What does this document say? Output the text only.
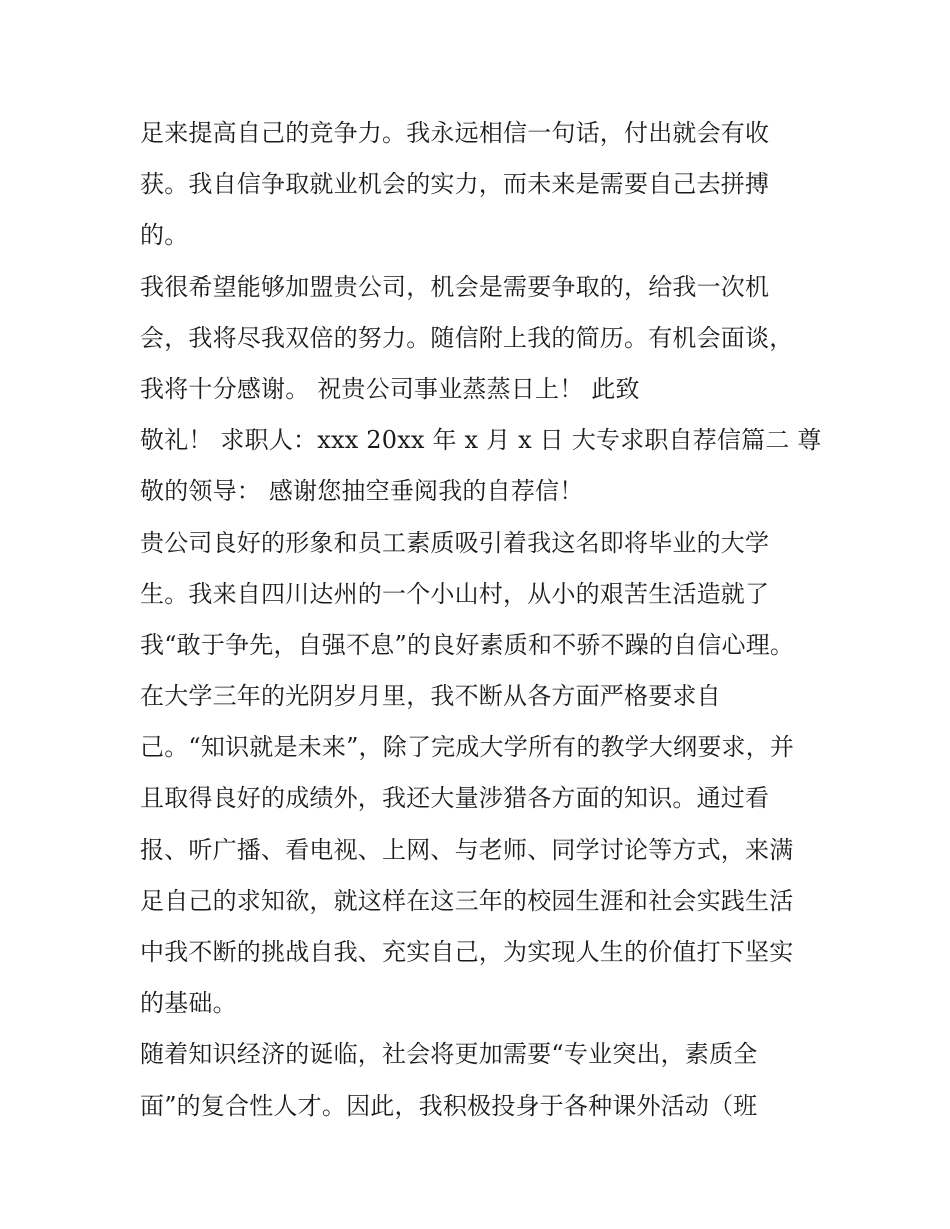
足来提高自己的竞争力。我永远相信一句话，付出就会有收
获。我自信争取就业机会的实力，而未来是需要自己去拼搏
的。
我很希望能够加盟贵公司，机会是需要争取的，给我一次机
会，我将尽我双倍的努力。随信附上我的简历。有机会面谈，
我将十分感谢。 祝贵公司事业蒸蒸日上！ 此致
敬礼！ 求职人：xxx 20xx 年 x 月 x 日 大专求职自荐信篇二 尊
敬的领导： 感谢您抽空垂阅我的自荐信！
贵公司良好的形象和员工素质吸引着我这名即将毕业的大学
生。我来自四川达州的一个小山村，从小的艰苦生活造就了
我“敢于争先，自强不息”的良好素质和不骄不躁的自信心理。
在大学三年的光阴岁月里，我不断从各方面严格要求自
己。“知识就是未来”，除了完成大学所有的教学大纲要求，并
且取得良好的成绩外，我还大量涉猎各方面的知识。通过看
报、听广播、看电视、上网、与老师、同学讨论等方式，来满
足自己的求知欲，就这样在这三年的校园生涯和社会实践生活
中我不断的挑战自我、充实自己，为实现人生的价值打下坚实
的基础。
随着知识经济的诞临，社会将更加需要“专业突出，素质全
面”的复合性人才。因此，我积极投身于各种课外活动（班
